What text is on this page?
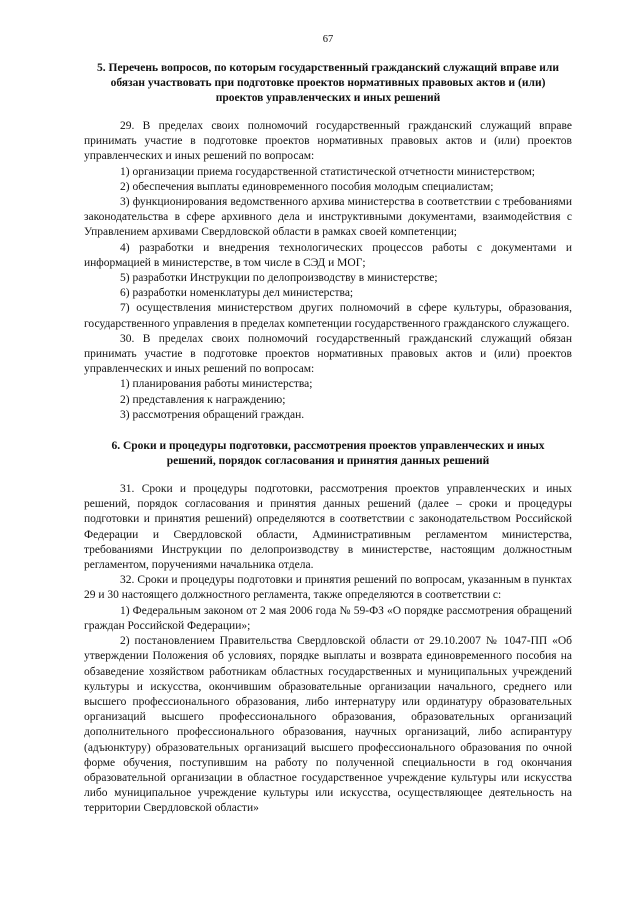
67
5. Перечень вопросов, по которым государственный гражданский служащий вправе или обязан участвовать при подготовке проектов нормативных правовых актов и (или) проектов управленческих и иных решений

29. В пределах своих полномочий государственный гражданский служащий вправе принимать участие в подготовке проектов нормативных правовых актов и (или) проектов управленческих и иных решений по вопросам:

1) организации приема государственной статистической отчетности министерством;

2) обеспечения выплаты единовременного пособия молодым специалистам;

3) функционирования ведомственного архива министерства в соответствии с требованиями законодательства в сфере архивного дела и инструктивными документами, взаимодействия с Управлением архивами Свердловской области в рамках своей компетенции;

4) разработки и внедрения технологических процессов работы с документами и информацией в министерстве, в том числе в СЭД и МОГ;

5) разработки Инструкции по делопроизводству в министерстве;

6) разработки номенклатуры дел министерства;

7) осуществления министерством других полномочий в сфере культуры, образования, государственного управления в пределах компетенции государственного гражданского служащего.

30. В пределах своих полномочий государственный гражданский служащий обязан принимать участие в подготовке проектов нормативных правовых актов и (или) проектов управленческих и иных решений по вопросам:

1) планирования работы министерства;

2) представления к награждению;

3) рассмотрения обращений граждан.

6. Сроки и процедуры подготовки, рассмотрения проектов управленческих и иных решений, порядок согласования и принятия данных решений

31. Сроки и процедуры подготовки, рассмотрения проектов управленческих и иных решений, порядок согласования и принятия данных решений (далее – сроки и процедуры подготовки и принятия решений) определяются в соответствии с законодательством Российской Федерации и Свердловской области, Административным регламентом министерства, требованиями Инструкции по делопроизводству в министерстве, настоящим должностным регламентом, поручениями начальника отдела.

32. Сроки и процедуры подготовки и принятия решений по вопросам, указанным в пунктах 29 и 30 настоящего должностного регламента, также определяются в соответствии с:

1) Федеральным законом от 2 мая 2006 года № 59-ФЗ «О порядке рассмотрения обращений граждан Российской Федерации»;

2) постановлением Правительства Свердловской области от 29.10.2007 № 1047-ПП «Об утверждении Положения об условиях, порядке выплаты и возврата единовременного пособия на обзаведение хозяйством работникам областных государственных и муниципальных учреждений культуры и искусства, окончившим образовательные организации начального, среднего или высшего профессионального образования, либо интернатуру или ординатуру образовательных организаций высшего профессионального образования, образовательных организаций дополнительного профессионального образования, научных организаций, либо аспирантуру (адъюнктуру) образовательных организаций высшего профессионального образования по очной форме обучения, поступившим на работу по полученной специальности в год окончания образовательной организации в областное государственное учреждение культуры или искусства либо муниципальное учреждение культуры или искусства, осуществляющее деятельность на территории Свердловской области»
